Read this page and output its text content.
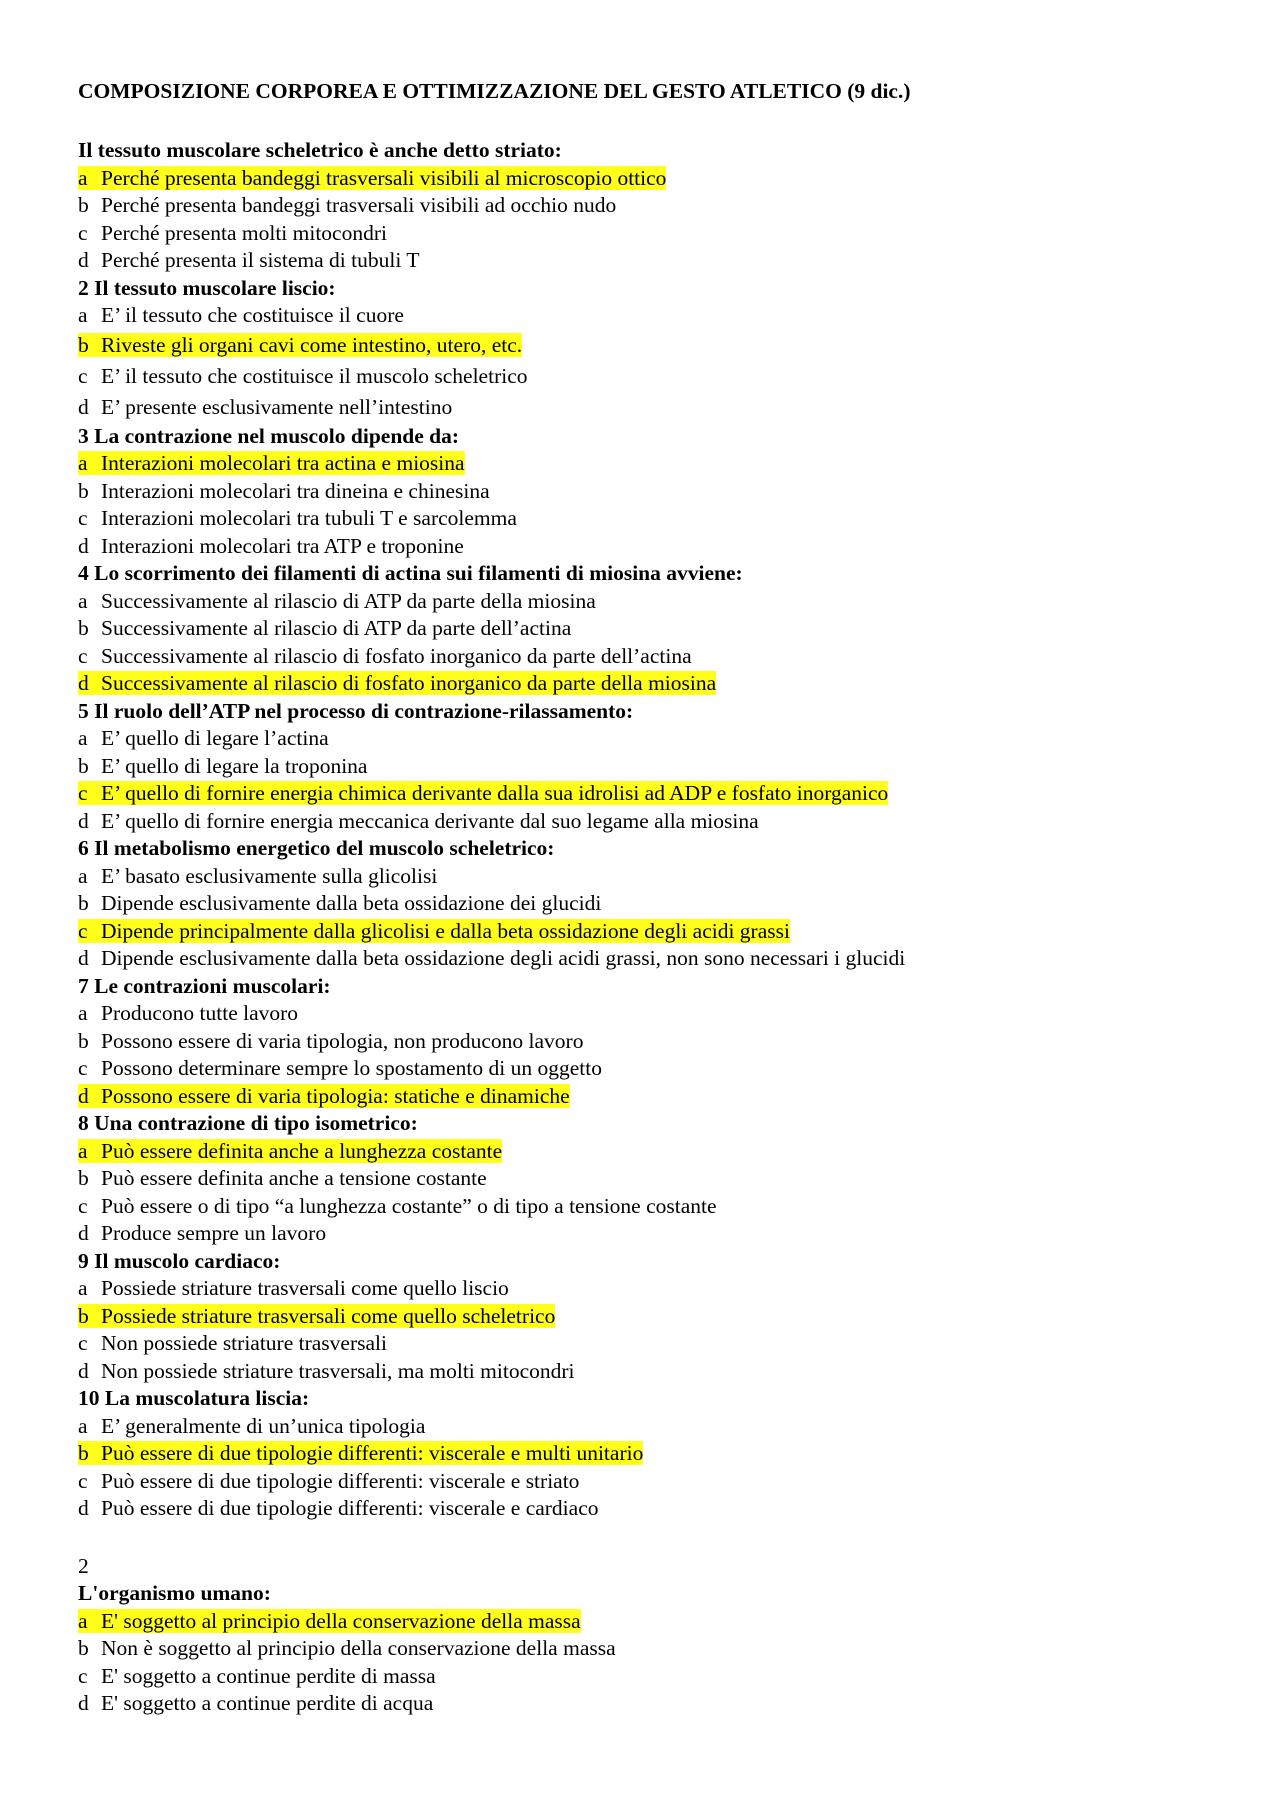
COMPOSIZIONE CORPOREA E OTTIMIZZAZIONE DEL GESTO ATLETICO (9 dic.)
Il tessuto muscolare scheletrico è anche detto striato:
a Perché presenta bandeggi trasversali visibili al microscopio ottico
b Perché presenta bandeggi trasversali visibili ad occhio nudo
c Perché presenta molti mitocondri
d Perché presenta il sistema di tubuli T
2 Il tessuto muscolare liscio:
a E’ il tessuto che costituisce il cuore
b Riveste gli organi cavi come intestino, utero, etc.
c E’ il tessuto che costituisce il muscolo scheletrico
d E’ presente esclusivamente nell’intestino
3 La contrazione nel muscolo dipende da:
a Interazioni molecolari tra actina e miosina
b Interazioni molecolari tra dineina e chinesina
c Interazioni molecolari tra tubuli T e sarcolemma
d Interazioni molecolari tra ATP e troponine
4 Lo scorrimento dei filamenti di actina sui filamenti di miosina avviene:
a Successivamente al rilascio di ATP da parte della miosina
b Successivamente al rilascio di ATP da parte dell’actina
c Successivamente al rilascio di fosfato inorganico da parte dell’actina
d Successivamente al rilascio di fosfato inorganico da parte della miosina
5 Il ruolo dell’ATP nel processo di contrazione-rilassamento:
a E’ quello di legare l’actina
b E’ quello di legare la troponina
c E’ quello di fornire energia chimica derivante dalla sua idrolisi ad ADP e fosfato inorganico
d E’ quello di fornire energia meccanica derivante dal suo legame alla miosina
6 Il metabolismo energetico del muscolo scheletrico:
a E’ basato esclusivamente sulla glicolisi
b Dipende esclusivamente dalla beta ossidazione dei glucidi
c Dipende principalmente dalla glicolisi e dalla beta ossidazione degli acidi grassi
d Dipende esclusivamente dalla beta ossidazione degli acidi grassi, non sono necessari i glucidi
7 Le contrazioni muscolari:
a Producono tutte lavoro
b Possono essere di varia tipologia, non producono lavoro
c Possono determinare sempre lo spostamento di un oggetto
d Possono essere di varia tipologia: statiche e dinamiche
8 Una contrazione di tipo isometrico:
a Può essere definita anche a lunghezza costante
b Può essere definita anche a tensione costante
c Può essere o di tipo “a lunghezza costante” o di tipo a tensione costante
d Produce sempre un lavoro
9 Il muscolo cardiaco:
a Possiede striature trasversali come quello liscio
b Possiede striature trasversali come quello scheletrico
c Non possiede striature trasversali
d Non possiede striature trasversali, ma molti mitocondri
10 La muscolatura liscia:
a E’ generalmente di un’unica tipologia
b Può essere di due tipologie differenti: viscerale e multi unitario
c Può essere di due tipologie differenti: viscerale e striato
d Può essere di due tipologie differenti: viscerale e cardiaco
2
L'organismo umano:
a E' soggetto al principio della conservazione della massa
b Non è soggetto al principio della conservazione della massa
c E' soggetto a continue perdite di massa
d E' soggetto a continue perdite di acqua
